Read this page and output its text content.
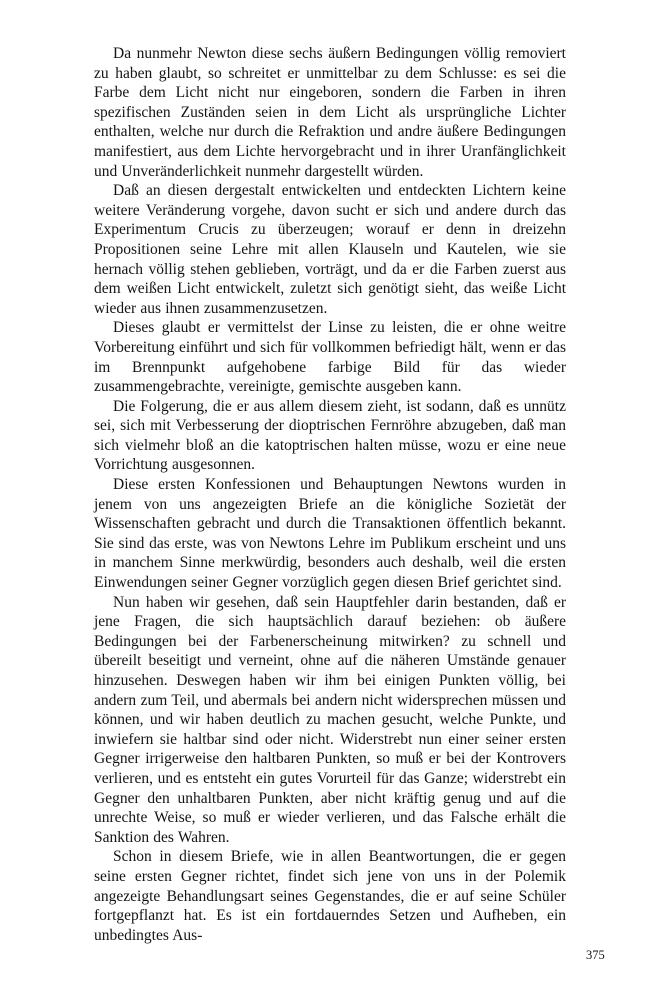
Da nunmehr Newton diese sechs äußern Bedingungen völlig removiert zu haben glaubt, so schreitet er unmittelbar zu dem Schlusse: es sei die Farbe dem Licht nicht nur eingeboren, sondern die Farben in ihren spezifischen Zuständen seien in dem Licht als ursprüngliche Lichter enthalten, welche nur durch die Refraktion und andre äußere Bedingungen manifestiert, aus dem Lichte hervorgebracht und in ihrer Uranfänglichkeit und Unveränderlichkeit nunmehr dargestellt würden.

Daß an diesen dergestalt entwickelten und entdeckten Lichtern keine weitere Veränderung vorgehe, davon sucht er sich und andere durch das Experimentum Crucis zu überzeugen; worauf er denn in dreizehn Propositionen seine Lehre mit allen Klauseln und Kautelen, wie sie hernach völlig stehen geblieben, vorträgt, und da er die Farben zuerst aus dem weißen Licht entwickelt, zuletzt sich genötigt sieht, das weiße Licht wieder aus ihnen zusammenzusetzen.

Dieses glaubt er vermittelst der Linse zu leisten, die er ohne weitre Vorbereitung einführt und sich für vollkommen befriedigt hält, wenn er das im Brennpunkt aufgehobene farbige Bild für das wieder zusammengebrachte, vereinigte, gemischte ausgeben kann.

Die Folgerung, die er aus allem diesem zieht, ist sodann, daß es unnütz sei, sich mit Verbesserung der dioptrischen Fernröhre abzugeben, daß man sich vielmehr bloß an die katoptrischen halten müsse, wozu er eine neue Vorrichtung ausgesonnen.

Diese ersten Konfessionen und Behauptungen Newtons wurden in jenem von uns angezeigten Briefe an die königliche Sozietät der Wissenschaften gebracht und durch die Transaktionen öffentlich bekannt. Sie sind das erste, was von Newtons Lehre im Publikum erscheint und uns in manchem Sinne merkwürdig, besonders auch deshalb, weil die ersten Einwendungen seiner Gegner vorzüglich gegen diesen Brief gerichtet sind.

Nun haben wir gesehen, daß sein Hauptfehler darin bestanden, daß er jene Fragen, die sich hauptsächlich darauf beziehen: ob äußere Bedingungen bei der Farbenerscheinung mitwirken? zu schnell und übereilt beseitigt und verneint, ohne auf die näheren Umstände genauer hinzusehen. Deswegen haben wir ihm bei einigen Punkten völlig, bei andern zum Teil, und abermals bei andern nicht widersprechen müssen und können, und wir haben deutlich zu machen gesucht, welche Punkte, und inwiefern sie haltbar sind oder nicht. Widerstrebt nun einer seiner ersten Gegner irrigerweise den haltbaren Punkten, so muß er bei der Kontrovers verlieren, und es entsteht ein gutes Vorurteil für das Ganze; widerstrebt ein Gegner den unhaltbaren Punkten, aber nicht kräftig genug und auf die unrechte Weise, so muß er wieder verlieren, und das Falsche erhält die Sanktion des Wahren.

Schon in diesem Briefe, wie in allen Beantwortungen, die er gegen seine ersten Gegner richtet, findet sich jene von uns in der Polemik angezeigte Behandlungsart seines Gegenstandes, die er auf seine Schüler fortgepflanzt hat. Es ist ein fortdauerndes Setzen und Aufheben, ein unbedingtes Aus-

375
